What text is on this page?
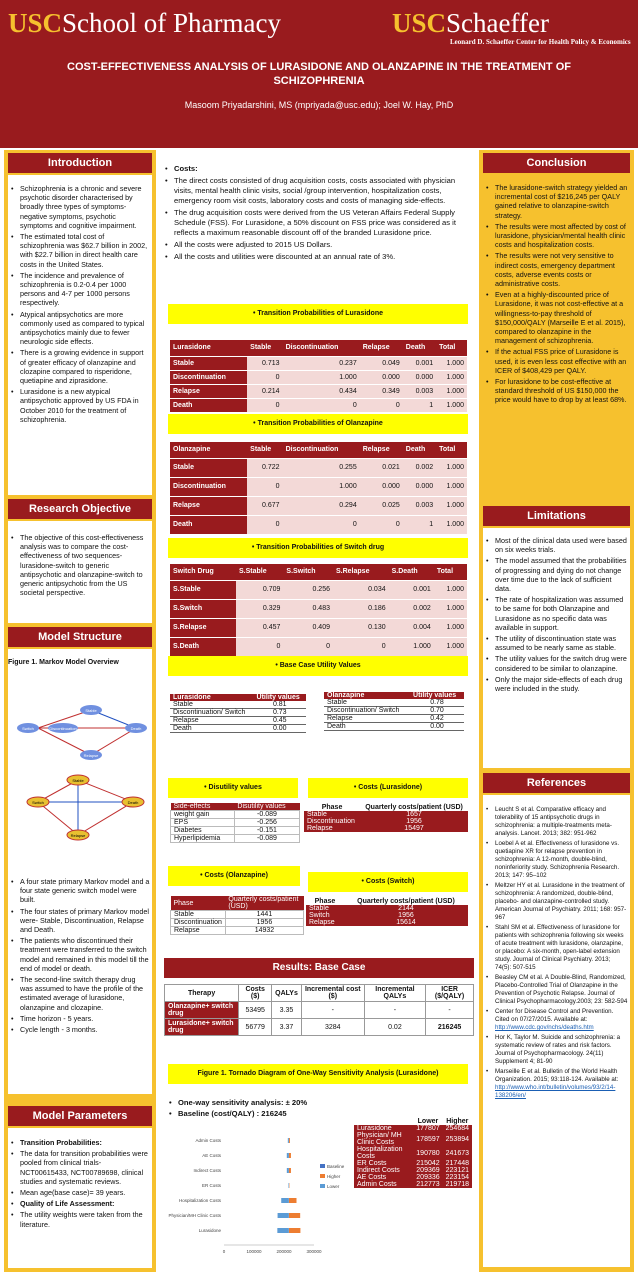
USCSchool of Pharmacy	USCSchaeffer
Leonard D. Schaeffer Center for Health Policy & Economics
COST-EFFECTIVENESS ANALYSIS OF LURASIDONE AND OLANZAPINE IN THE TREATMENT OF SCHIZOPHRENIA
Masoom Priyadarshini, MS (mpriyada@usc.edu); Joel W. Hay, PhD
Introduction
• Schizophrenia is a chronic and severe psychotic disorder characterised by broadly three types of symptoms- negative symptoms, psychotic symptoms and cognitive impairment.
• The estimated total cost of schizophrenia was $62.7 billion in 2002, with $22.7 billion in direct health care costs in the United States.
• The incidence and prevalence of schizophrenia is 0.2-0.4 per 1000 persons and 4-7 per 1000 persons respectively.
• Atypical antipsychotics are more commonly used as compared to typical antipsychotics mainly due to fewer neurologic side effects.
• There is a growing evidence in support of greater efficacy of olanzapine and clozapine compared to risperidone, quetiapine and ziprasidone.
• Lurasidone is a new atypical antipsychotic approved by US FDA in October 2010 for the treatment of schizophrenia.
Research Objective
• The objective of this cost-effectiveness analysis was to compare the cost-effectiveness of two sequences- lurasidone-switch to generic antipsychotic and olanzapine-switch to generic antipsychotic from the US societal perspective.
Model Structure
Figure 1. Markov Model Overview
Stable
Switch	Discontinuation	Death
Relapse
Stable
Switch	Death
Relapse
• A four state primary Markov model and a four state generic switch model were built.
• The four states of primary Markov model were- Stable, Discontinuation, Relapse and Death.
• The patients who discontinued their treatment were transferred to the switch model and remained in this model till the end of model or death.
• The second-line switch therapy drug was assumed to have the profile of the estimated average of lurasidone, olanzapine and clozapine.
• Time horizon - 5 years.
• Cycle length - 3 months.
Model Parameters
• Transition Probabilities:
• The data for transition probabilities were pooled from clinical trials- NCT00615433, NCT00789698, clinical studies and systematic reviews.
• Mean age(base case)= 39 years.
• Quality of Life Assessment:
• The utility weights were taken from the literature.
• Costs:
• The direct costs consisted of drug acquisition costs, costs associated with physician visits, mental health clinic visits, social /group intervention, hospitalization costs, emergency room visit costs, laboratory costs and costs of managing side-effects.
• The drug acquisition costs were derived from the US Veteran Affairs Federal Supply Schedule (FSS). For Lurasidone, a 50% discount on FSS price was considered as it reflects a maximum reasonable discount off of the branded Lurasidone price.
• All the costs were adjusted to 2015 US Dollars.
• All the costs and utilities were discounted at an annual rate of 3%.
• Transition Probabilities of Lurasidone
Lurasidone	Stable	Discontinuation	Relapse	Death	Total
Stable	0.713	0.237	0.049	0.001	1.000
Discontinuation	0	1.000	0.000	0.000	1.000
Relapse	0.214	0.434	0.349	0.003	1.000
Death	0	0	0	1	1.000
• Transition Probabilities of Olanzapine
Olanzapine	Stable	Discontinuation	Relapse	Death	Total
Stable	0.722	0.255	0.021	0.002	1.000
Discontinuation	0	1.000	0.000	0.000	1.000
Relapse	0.677	0.294	0.025	0.003	1.000
Death	0	0	0	1	1.000
• Transition Probabilities of Switch drug
Switch Drug	S.Stable	S.Switch	S.Relapse	S.Death	Total
S.Stable	0.709	0.256	0.034	0.001	1.000
S.Switch	0.329	0.483	0.186	0.002	1.000
S.Relapse	0.457	0.409	0.130	0.004	1.000
S.Death	0	0	0	1.000	1.000
• Base Case Utility Values
Lurasidone	Utility values
Stable	0.81
Discontinuation/ Switch	0.73
Relapse	0.45
Death	0.00
Olanzapine	Utility values
Stable	0.78
Discontinuation/ Switch	0.70
Relapse	0.42
Death	0.00
• Disutility values
Side-effects	Disutility values
weight gain	-0.089
EPS	-0.256
Diabetes	-0.151
Hyperlipidemia	-0.089
• Costs (Lurasidone)
Phase	Quarterly costs/patient (USD)
Stable	1657
Discontinuation	1956
Relapse	15497
• Costs (Olanzapine)
Phase	Quarterly costs/patient (USD)
Stable	1441
Discontinuation	1956
Relapse	14932
• Costs (Switch)
Phase	Quarterly costs/patient (USD)
Stable	2144
Switch	1956
Relapse	15614
Results: Base Case
Therapy	Costs ($)	QALYs	Incremental cost ($)	Incremental QALYs	ICER ($/QALY)
Olanzapine+ switch drug	53495	3.35	-	-	-
Lurasidone+ switch drug	56779	3.37	3284	0.02	216245
Figure 1. Tornado Diagram of One-Way Sensitivity Analysis (Lurasidone)
• One-way sensitivity analysis: ± 20%
• Baseline (cost/QALY) : 216245
Admin Costs
AE Costs
Indirect Costs
ER Costs
Hospitalization Costs
Physician/MH Clinic Costs
Lurasidone
0	100000	200000	300000
Baseline
Higher
Lower
	Lower	Higher
Lurasidone	177807	254684
Physician/ MH Clinic Costs	178597	253894
Hospitalization Costs	190780	241673
ER Costs	215042	217448
Indirect Costs	209369	223121
AE Costs	209336	223154
Admin Costs	212773	219718
Conclusion
• The lurasidone-switch strategy yielded an incremental cost of $216,245 per QALY gained relative to olanzapine-switch strategy.
• The results were most affected by cost of lurasidone, physician/mental health clinic costs and hospitalization costs.
• The results were not very sensitive to indirect costs, emergency department costs, adverse events costs or administrative costs.
• Even at a highly-discounted price of Lurasidone, it was not cost-effective at a willingness-to-pay threshold of $150,000/QALY (Marseille E et al. 2015), compared to olanzapine in the management of schizophrenia.
• If the actual FSS price of Lurasidone is used, it is even less cost effective with an ICER of $408,429 per QALY.
• For lurasidone to be cost-effective at standard threshold of US $150,000 the price would have to drop by at least 68%.
Limitations
• Most of the clinical data used were based on six weeks trials.
• The model assumed that the probabilities of progressing and dying do not change over time due to the lack of sufficient data.
• The rate of hospitalization was assumed to be same for both Olanzapine and Lurasidone as no specific data was available in support.
• The utility of discontinuation state was assumed to be nearly same as stable.
• The utility values for the switch drug were considered to be similar to olanzapine.
• Only the major side-effects of each drug were included in the study.
References
• Leucht S et al. Comparative efficacy and tolerability of 15 antipsychotic drugs in schizophrenia: a multiple-treatments meta-analysis. Lancet. 2013; 382: 951-962
• Loebel A et al. Effectiveness of lurasidone vs. quetiapine XR for relapse prevention in schizophrenia: A 12-month, double-blind, noninferiority study. Schizophrenia Research. 2013; 147: 95–102
• Meltzer HY et al. Lurasidone in the treatment of schizophrenia: A randomized, double-blind, placebo- and olanzapine-controlled study. American Journal of Psychiatry. 2011; 168: 957-967
• Stahl SM et al. Effectiveness of lurasidone for patients with schizophrenia following six weeks of acute treatment with lurasidone, olanzapine, or placebo: A six-month, open-label extension study. Journal of Clinical Psychiatry. 2013; 74(5): 507-515
• Beasley CM et al. A Double-Blind, Randomized, Placebo-Controlled Trial of Olanzapine in the Prevention of Psychotic Relapse. Journal of Clinical Psychopharmacology.2003; 23: 582-594
• Center for Disease Control and Prevention. Cited on 07/27/2015. Available at: http://www.cdc.gov/nchs/deaths.htm
• Hor K, Taylor M. Suicide and schizophrenia: a systematic review of rates and risk factors. Journal of Psychopharmacology. 24(11) Supplement 4; 81-90
• Marseille E et al. Bulletin of the World Health Organization. 2015; 93:118-124. Available at: http://www.who.int/bulletin/volumes/93/2/14-138206/en/
